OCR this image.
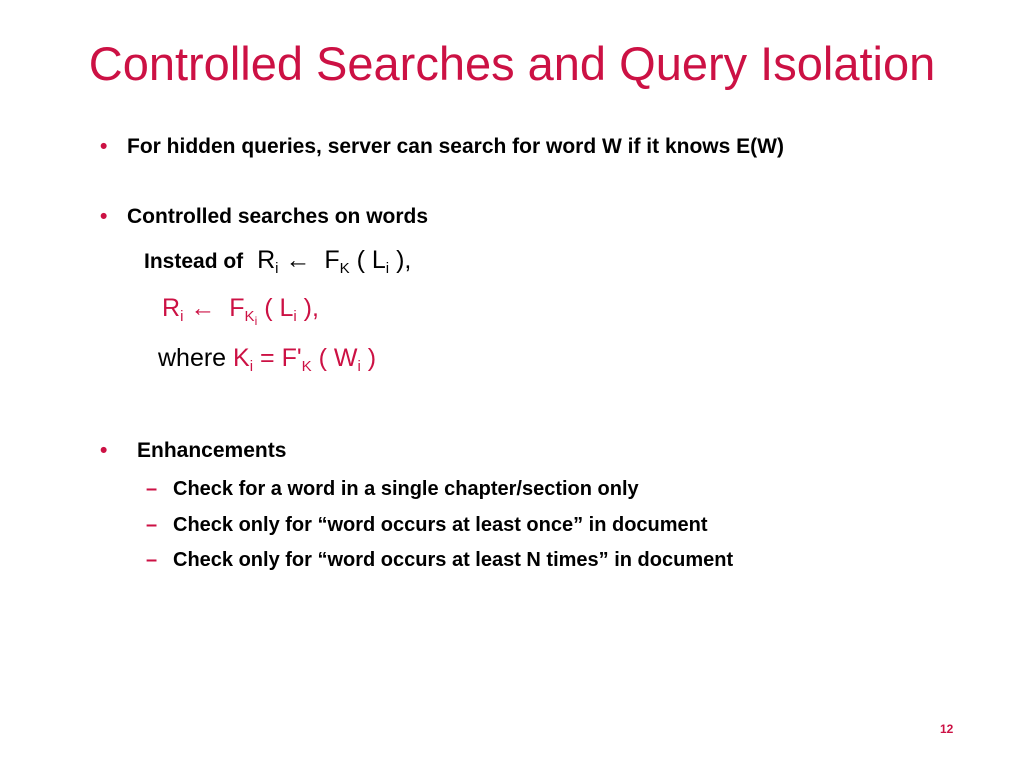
Controlled Searches and Query Isolation
• For hidden queries, server can search for word W if it knows E(W)
• Controlled searches on words
Instead of $R_i$ ← $F_K$ ( $L_i$ ),
$R_i$ ← $F_{K_i}$ ( $L_i$ ),
where $K_i = F'_K$ ( $W_i$ )
•	Enhancements
– Check for a word in a single chapter/section only
– Check only for “word occurs at least once” in document
– Check only for “word occurs at least N times” in document
12
